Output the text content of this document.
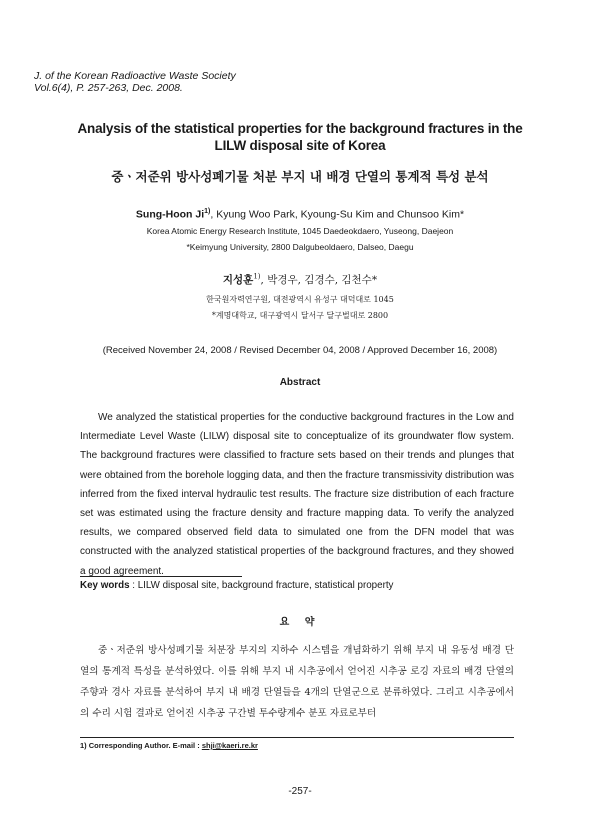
J. of the Korean Radioactive Waste Society
Vol.6(4), P. 257-263, Dec. 2008.
Analysis of the statistical properties for the background fractures in the
LILW disposal site of Korea
중ㆍ저준위 방사성폐기물 처분 부지 내 배경 단열의 통계적 특성 분석
Sung-Hoon Ji$^{1)}$, Kyung Woo Park, Kyoung-Su Kim and Chunsoo Kim*
Korea Atomic Energy Research Institute, 1045 Daedeokdaero, Yuseong, Daejeon
*Keimyung University, 2800 Dalgubeoldaero, Dalseo, Daegu
지성훈$^{1)}$, 박경우, 김경수, 김천수*
한국원자력연구원, 대전광역시 유성구 대덕대로 1045
*계명대학교, 대구광역시 달서구 달구벌대로 2800
(Received November 24, 2008 / Revised December 04, 2008 / Approved December 16, 2008)
Abstract

We analyzed the statistical properties for the conductive background fractures in the Low and Intermediate Level Waste (LILW) disposal site to conceptualize of its groundwater flow system. The background fractures were classified to fracture sets based on their trends and plunges that were obtained from the borehole logging data, and then the fracture transmissivity distribution was inferred from the fixed interval hydraulic test results. The fracture size distribution of each fracture set was estimated using the fracture density and fracture mapping data. To verify the analyzed results, we compared observed field data to simulated one from the DFN model that was constructed with the analyzed statistical properties of the background fractures, and they showed a good agreement.

Key words : LILW disposal site, background fracture, statistical property
요 약

중ㆍ저준위 방사성폐기물 처분장 부지의 지하수 시스템을 개념화하기 위해 부지 내 유동성 배경 단열의 통계적 특성을 분석하였다. 이를 위해 부지 내 시추공에서 얻어진 시추공 로깅 자료의 배경 단열의 주향과 경사 자료를 분석하여 부지 내 배경 단열들을 4개의 단열군으로 분류하였다. 그리고 시추공에서의 수리 시험 결과로 얻어진 시추공 구간별 투수량계수 분포 자료로부터

1) Corresponding Author. E-mail : shji@kaeri.re.kr
-257-
